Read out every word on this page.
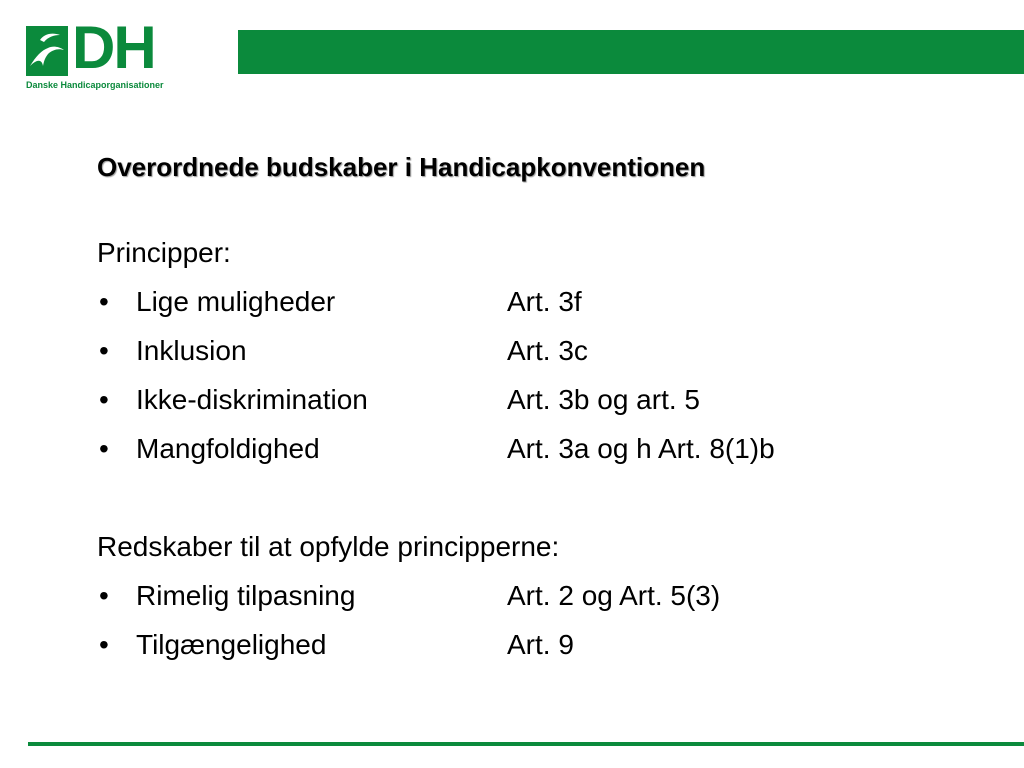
DH
Danske Handicaporganisationer
Overordnede budskaber i Handicapkonventionen
Principper:
• Lige muligheder	Art. 3f
• Inklusion	Art. 3c
• Ikke-diskrimination	Art. 3b og art. 5
• Mangfoldighed	Art. 3a og h Art. 8(1)b
Redskaber til at opfylde principperne:
• Rimelig tilpasning	Art. 2 og Art. 5(3)
• Tilgængelighed	Art. 9
